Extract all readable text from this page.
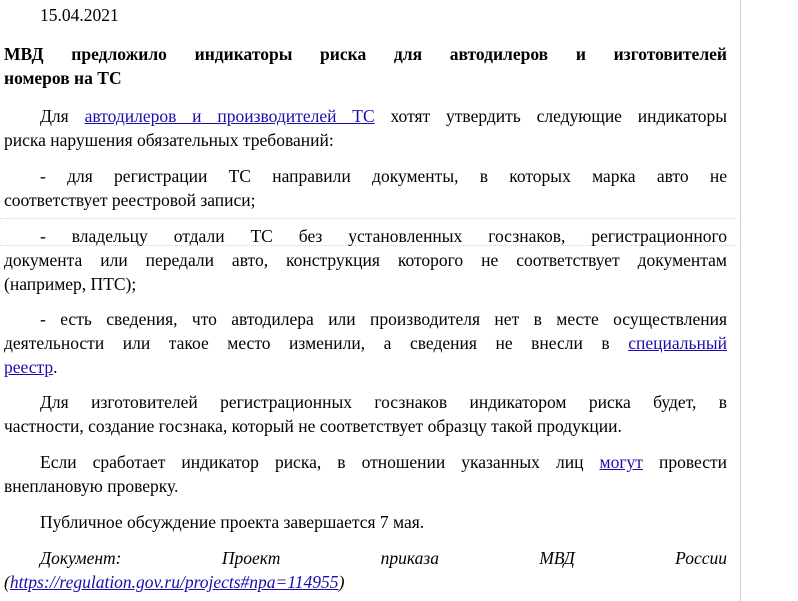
15.04.2021
МВД предложило индикаторы риска для автодилеров и изготовителей
номеров на ТС
Для автодилеров и производителей ТС хотят утвердить следующие индикаторы
риска нарушения обязательных требований:
- для регистрации ТС направили документы, в которых марка авто не
соответствует реестровой записи;
- владельцу отдали ТС без установленных госзнаков, регистрационного
документа или передали авто, конструкция которого не соответствует документам
(например, ПТС);
- есть сведения, что автодилера или производителя нет в месте осуществления
деятельности или такое место изменили, а сведения не внесли в специальный
реестр.
Для изготовителей регистрационных госзнаков индикатором риска будет, в
частности, создание госзнака, который не соответствует образцу такой продукции.
Если сработает индикатор риска, в отношении указанных лиц могут провести
внеплановую проверку.
Публичное обсуждение проекта завершается 7 мая.
Документ:	Проект	приказа	МВД	России
(https://regulation.gov.ru/projects#npa=114955)
